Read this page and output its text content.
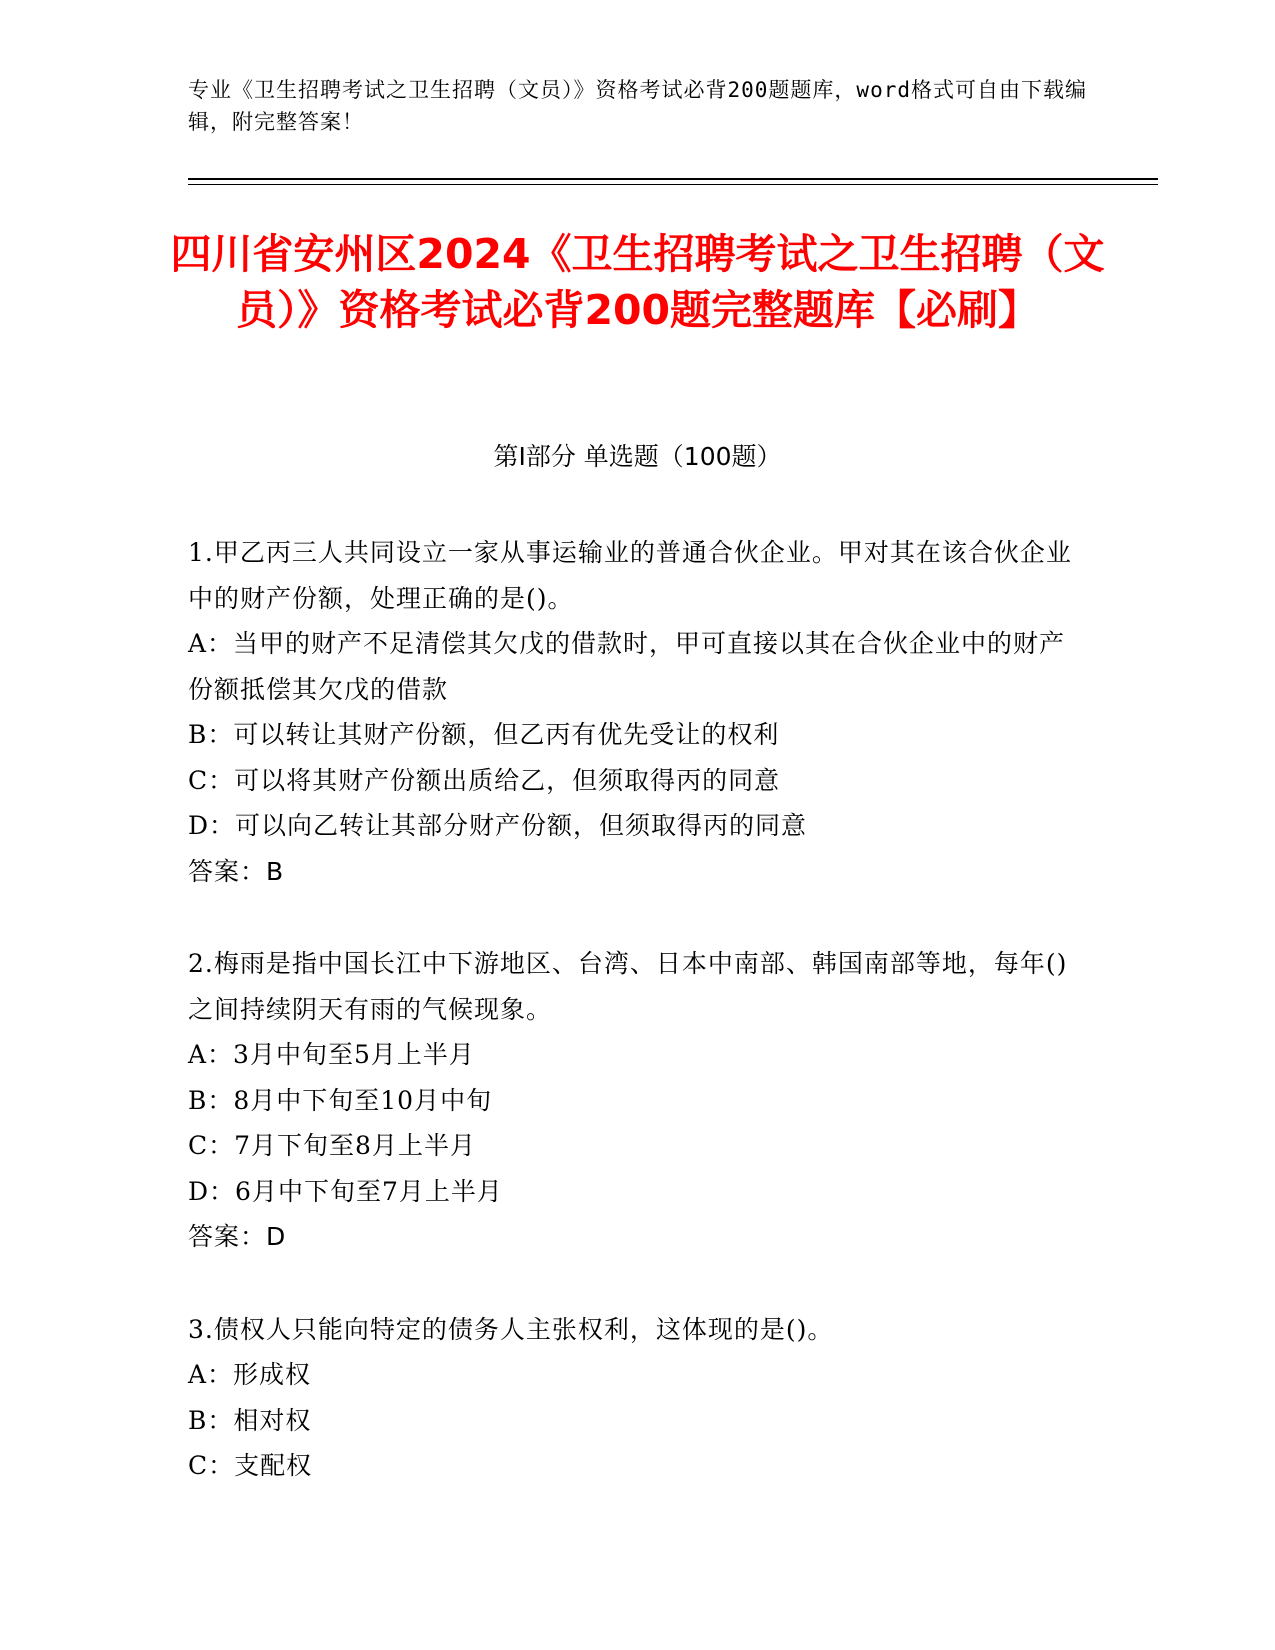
专业《卫生招聘考试之卫生招聘（文员）》资格考试必背200题题库，word格式可自由下载编辑，附完整答案！
四川省安州区2024《卫生招聘考试之卫生招聘（文员）》资格考试必背200题完整题库【必刷】
第I部分 单选题（100题）

1.甲乙丙三人共同设立一家从事运输业的普通合伙企业。甲对其在该合伙企业中的财产份额，处理正确的是()。

A：当甲的财产不足清偿其欠戊的借款时，甲可直接以其在合伙企业中的财产份额抵偿其欠戊的借款

B：可以转让其财产份额，但乙丙有优先受让的权利

C：可以将其财产份额出质给乙，但须取得丙的同意

D：可以向乙转让其部分财产份额，但须取得丙的同意

答案：B

2.梅雨是指中国长江中下游地区、台湾、日本中南部、韩国南部等地，每年()之间持续阴天有雨的气候现象。

A：3月中旬至5月上半月

B：8月中下旬至10月中旬

C：7月下旬至8月上半月

D：6月中下旬至7月上半月

答案：D

3.债权人只能向特定的债务人主张权利，这体现的是()。

A：形成权

B：相对权

C：支配权
